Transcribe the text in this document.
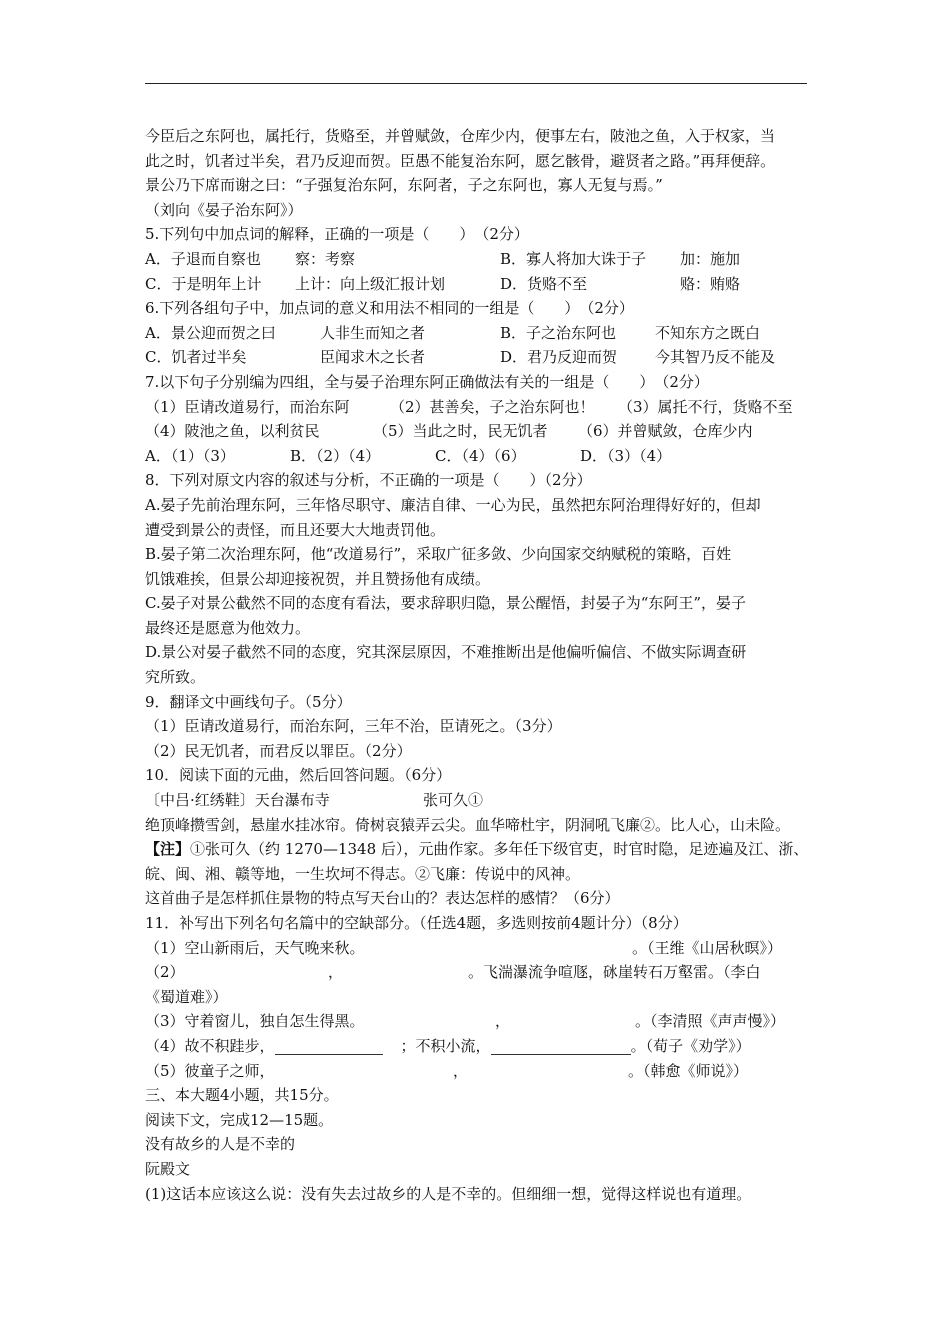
今臣后之东阿也，属托行，货赂至，并曾赋敛，仓库少内，便事左右，陂池之鱼，入于权家，当
此之时，饥者过半矣，君乃反迎而贺。臣愚不能复治东阿，愿乞骸骨，避贤者之路。”再拜便辞。
景公乃下席而谢之曰：“子强复治东阿，东阿者，子之东阿也，寡人无复与焉。”
（刘向《晏子治东阿》）
5.下列句中加点词的解释，正确的一项是（　　）　（2分）
A．子退而自察也 察：考察	B．寡人将加大诛于子 加：施加
C．于是明年上计 上计：向上级汇报计划	D．货赂不至	赂：贿赂
6.下列各组句子中，加点词的意义和用法不相同的一组是（　　）　（2分）
A．景公迎而贺之曰	人非生而知之者	B．子之治东阿也	不知东方之既白
C．饥者过半矣	臣闻求木之长者	D．君乃反迎而贺	今其智乃反不能及
7.以下句子分别编为四组，全与晏子治理东阿正确做法有关的一组是（　　）　（2分）
（1）臣请改道易行，而治东阿	（2）甚善矣，子之治东阿也！ （3）属托不行，货赂不至
（4）陂池之鱼，以利贫民	（5）当此之时，民无饥者 （6）并曾赋敛，仓库少内
A．（1）（3）	B．（2）（4）	C．（4）（6）	D．（3）（4）
8．下列对原文内容的叙述与分析，不正确的一项是（　　）（2分）
A.晏子先前治理东阿，三年恪尽职守、廉洁自律、一心为民，虽然把东阿治理得好好的，但却
遭受到景公的责怪，而且还要大大地责罚他。
B.晏子第二次治理东阿，他“改道易行”，采取广征多敛、少向国家交纳赋税的策略，百姓
饥饿难挨，但景公却迎接祝贺，并且赞扬他有成绩。
C.晏子对景公截然不同的态度有看法，要求辞职归隐，景公醒悟，封晏子为“东阿王”，晏子
最终还是愿意为他效力。
D.景公对晏子截然不同的态度，究其深层原因，不难推断出是他偏听偏信、不做实际调查研
究所致。
9．翻译文中画线句子。（5分）
（1）臣请改道易行，而治东阿，三年不治，臣请死之。（3分）
（2）民无饥者，而君反以罪臣。（2分）
10．阅读下面的元曲，然后回答问题。（6分）
〔中吕·红绣鞋〕天台瀑布寺	张可久①
绝顶峰攒雪剑，悬崖水挂冰帘。倚树哀猿弄云尖。血华啼杜宇，阴洞吼飞廉②。比人心，山未险。
【注】①张可久（约 1270—1348 后），元曲作家。多年任下级官吏，时官时隐，足迹遍及江、浙、
皖、闽、湘、赣等地，一生坎坷不得志。②飞廉：传说中的风神。
这首曲子是怎样抓住景物的特点写天台山的？表达怎样的感情？（6分）
11．补写出下列名句名篇中的空缺部分。（任选4题，多选则按前4题计分）（8分）
（1）空山新雨后，天气晚来秋。	。（王维《山居秋暝》）
（2）	，	。飞湍瀑流争喧豗，砯崖转石万壑雷。（李白
《蜀道难》）
（3）守着窗儿，独自怎生得黑。	，	。（李清照《声声慢》）
（4）故不积跬步，	；不积小流，	。（荀子《劝学》）
（5）彼童子之师，	，	。（韩愈《师说》）
三、本大题4小题，共15分。
阅读下文，完成12—15题。
没有故乡的人是不幸的
阮殿文
(1)这话本应该这么说：没有失去过故乡的人是不幸的。但细细一想，觉得这样说也有道理。
